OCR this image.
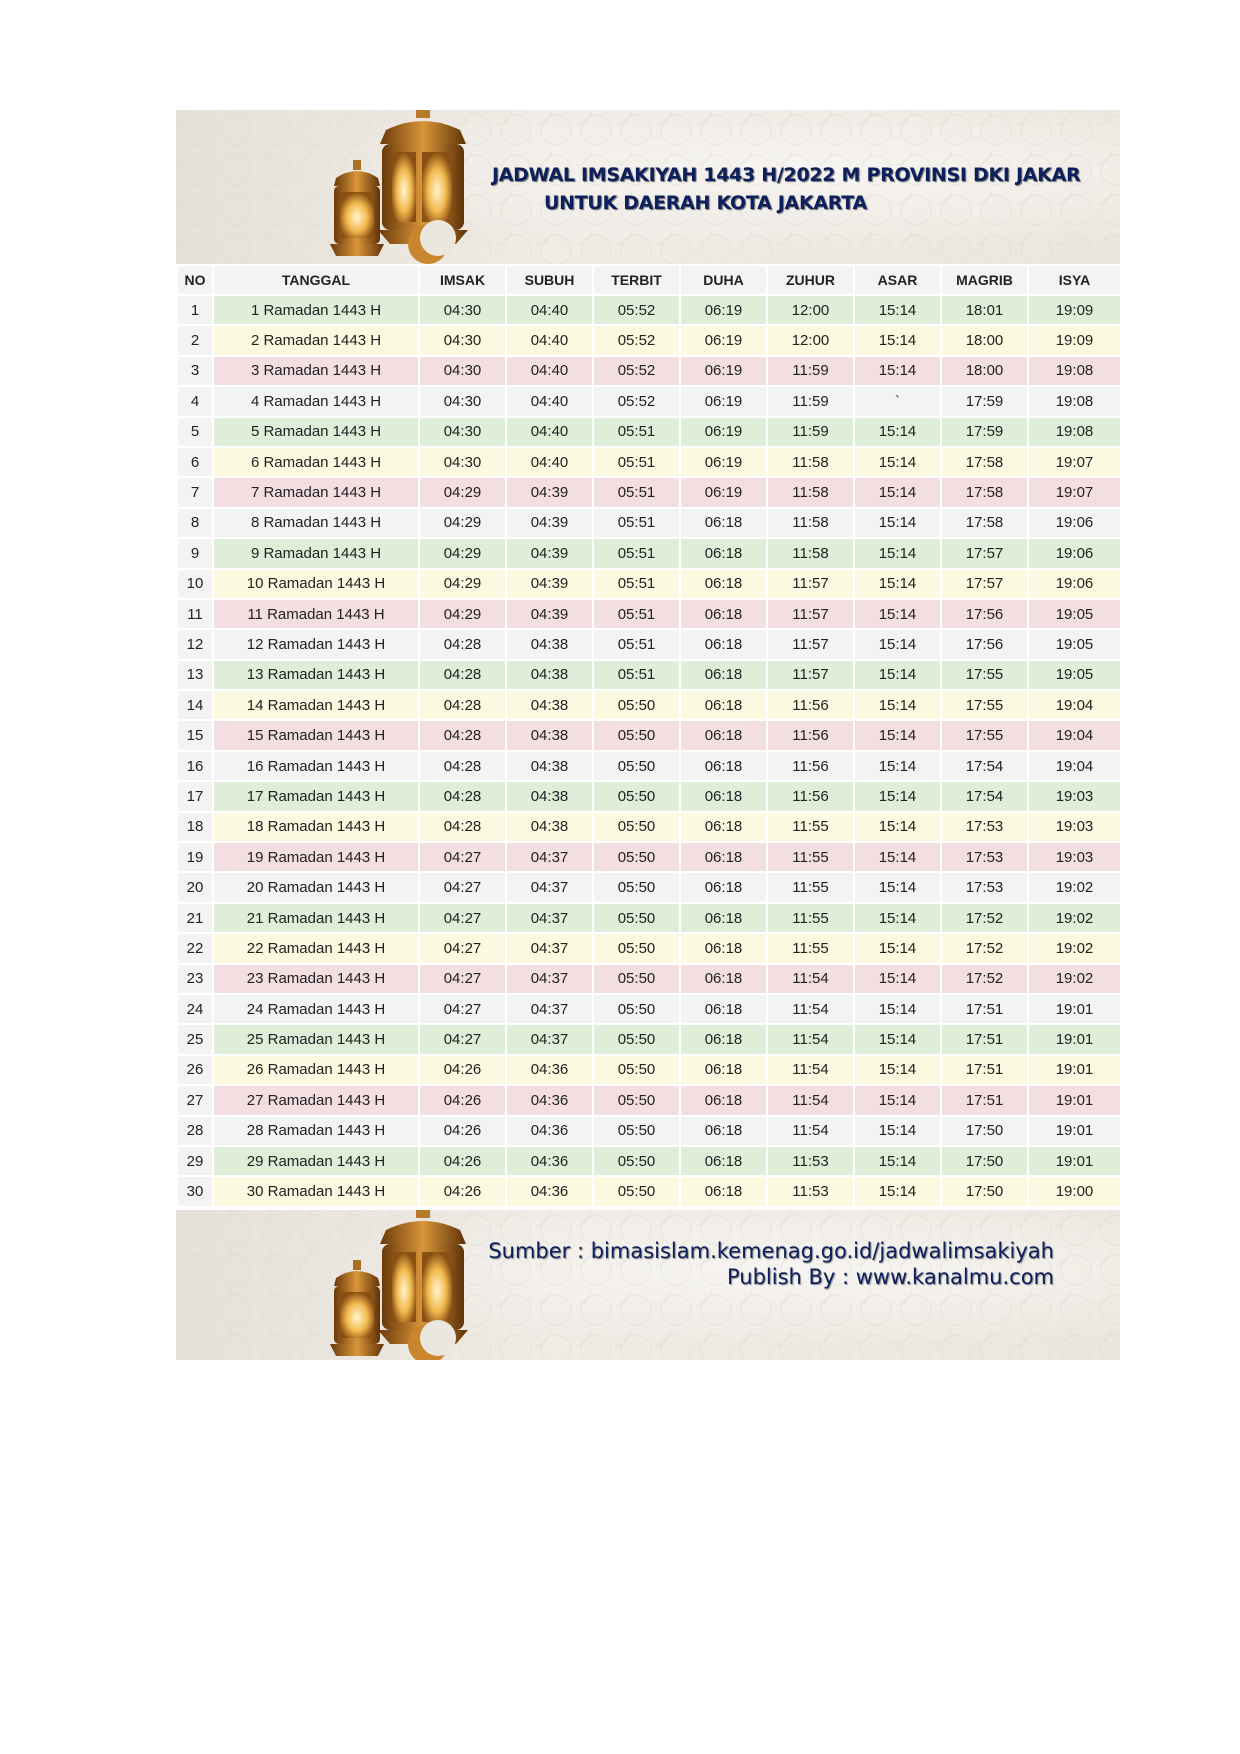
JADWAL IMSAKIYAH 1443 H/2022 M PROVINSI DKI JAKAR
UNTUK DAERAH KOTA JAKARTA
NO	TANGGAL	IMSAK	SUBUH	TERBIT	DUHA	ZUHUR	ASAR	MAGRIB	ISYA
1	1 Ramadan 1443 H	04:30	04:40	05:52	06:19	12:00	15:14	18:01	19:09
2	2 Ramadan 1443 H	04:30	04:40	05:52	06:19	12:00	15:14	18:00	19:09
3	3 Ramadan 1443 H	04:30	04:40	05:52	06:19	11:59	15:14	18:00	19:08
4	4 Ramadan 1443 H	04:30	04:40	05:52	06:19	11:59	`	17:59	19:08
5	5 Ramadan 1443 H	04:30	04:40	05:51	06:19	11:59	15:14	17:59	19:08
6	6 Ramadan 1443 H	04:30	04:40	05:51	06:19	11:58	15:14	17:58	19:07
7	7 Ramadan 1443 H	04:29	04:39	05:51	06:19	11:58	15:14	17:58	19:07
8	8 Ramadan 1443 H	04:29	04:39	05:51	06:18	11:58	15:14	17:58	19:06
9	9 Ramadan 1443 H	04:29	04:39	05:51	06:18	11:58	15:14	17:57	19:06
10	10 Ramadan 1443 H	04:29	04:39	05:51	06:18	11:57	15:14	17:57	19:06
11	11 Ramadan 1443 H	04:29	04:39	05:51	06:18	11:57	15:14	17:56	19:05
12	12 Ramadan 1443 H	04:28	04:38	05:51	06:18	11:57	15:14	17:56	19:05
13	13 Ramadan 1443 H	04:28	04:38	05:51	06:18	11:57	15:14	17:55	19:05
14	14 Ramadan 1443 H	04:28	04:38	05:50	06:18	11:56	15:14	17:55	19:04
15	15 Ramadan 1443 H	04:28	04:38	05:50	06:18	11:56	15:14	17:55	19:04
16	16 Ramadan 1443 H	04:28	04:38	05:50	06:18	11:56	15:14	17:54	19:04
17	17 Ramadan 1443 H	04:28	04:38	05:50	06:18	11:56	15:14	17:54	19:03
18	18 Ramadan 1443 H	04:28	04:38	05:50	06:18	11:55	15:14	17:53	19:03
19	19 Ramadan 1443 H	04:27	04:37	05:50	06:18	11:55	15:14	17:53	19:03
20	20 Ramadan 1443 H	04:27	04:37	05:50	06:18	11:55	15:14	17:53	19:02
21	21 Ramadan 1443 H	04:27	04:37	05:50	06:18	11:55	15:14	17:52	19:02
22	22 Ramadan 1443 H	04:27	04:37	05:50	06:18	11:55	15:14	17:52	19:02
23	23 Ramadan 1443 H	04:27	04:37	05:50	06:18	11:54	15:14	17:52	19:02
24	24 Ramadan 1443 H	04:27	04:37	05:50	06:18	11:54	15:14	17:51	19:01
25	25 Ramadan 1443 H	04:27	04:37	05:50	06:18	11:54	15:14	17:51	19:01
26	26 Ramadan 1443 H	04:26	04:36	05:50	06:18	11:54	15:14	17:51	19:01
27	27 Ramadan 1443 H	04:26	04:36	05:50	06:18	11:54	15:14	17:51	19:01
28	28 Ramadan 1443 H	04:26	04:36	05:50	06:18	11:54	15:14	17:50	19:01
29	29 Ramadan 1443 H	04:26	04:36	05:50	06:18	11:53	15:14	17:50	19:01
30	30 Ramadan 1443 H	04:26	04:36	05:50	06:18	11:53	15:14	17:50	19:00
Sumber : bimasislam.kemenag.go.id/jadwalimsakiyah
Publish By : www.kanalmu.com
